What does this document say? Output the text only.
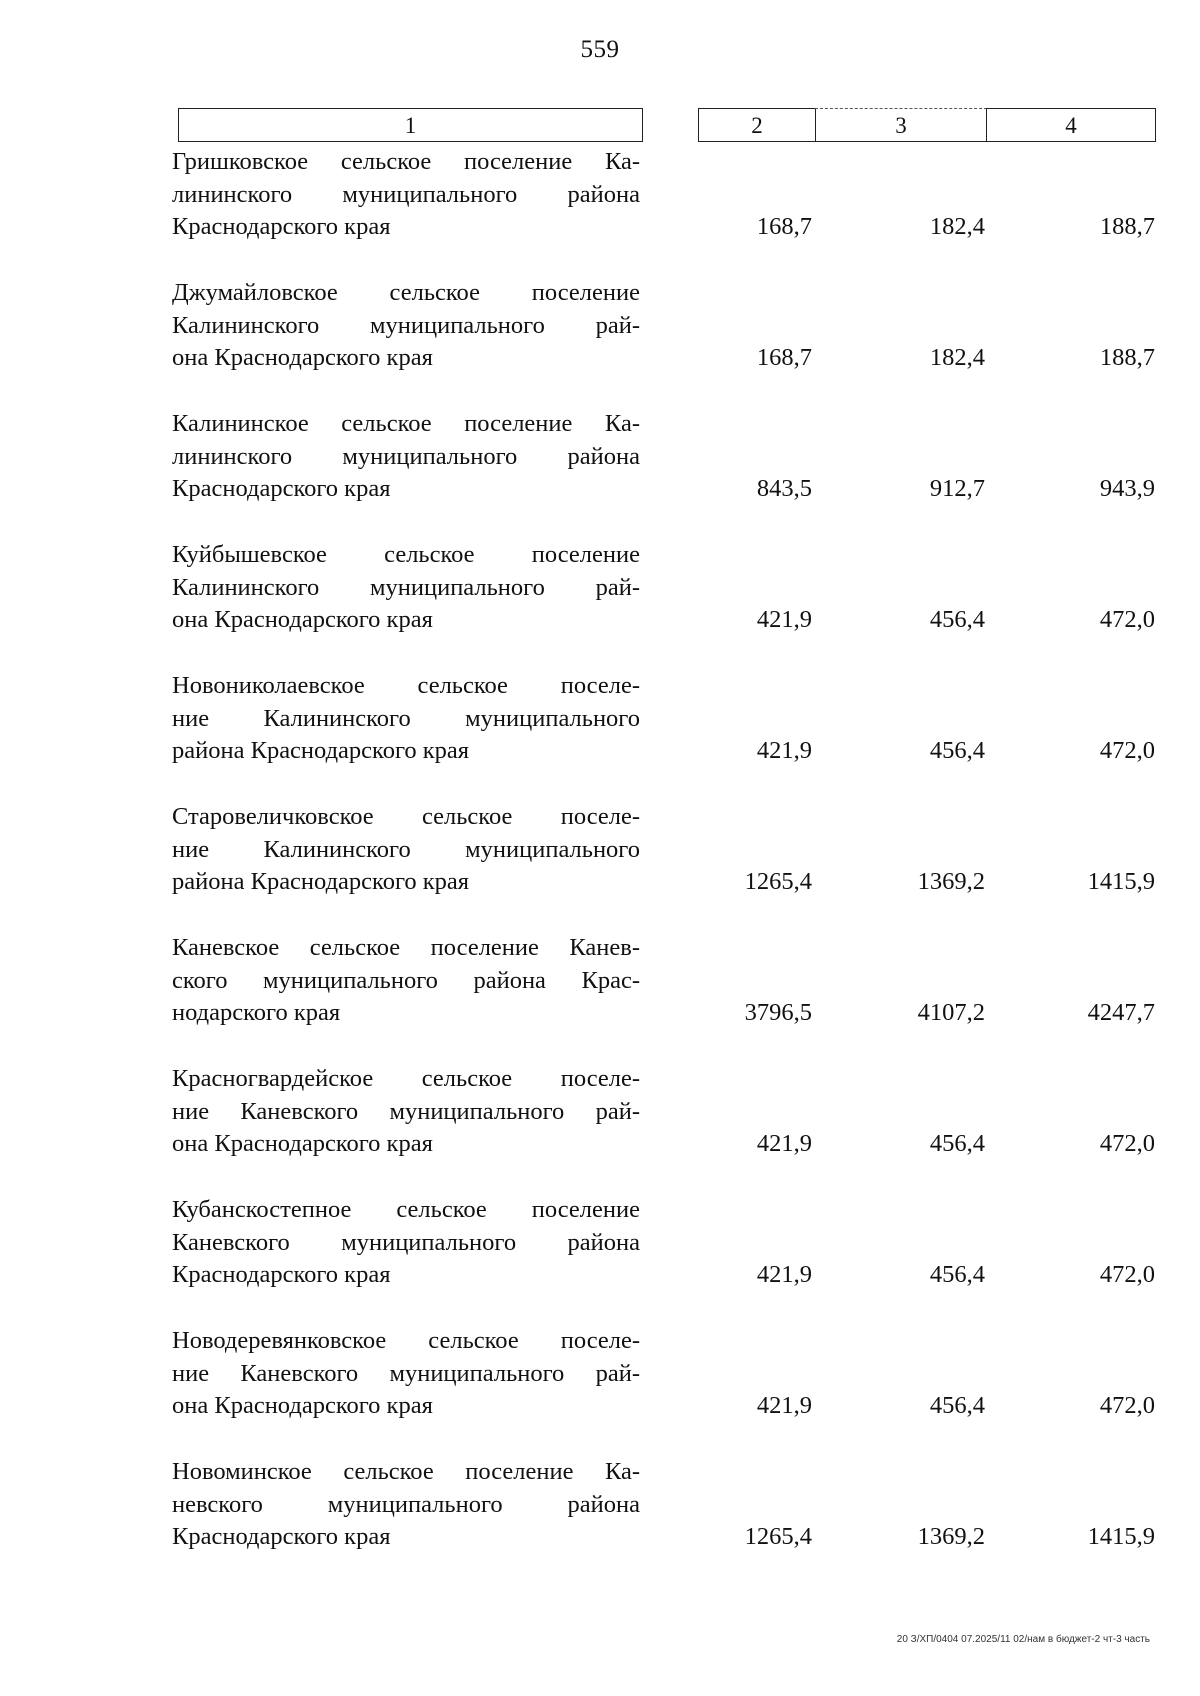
559
1	2	3	4
Гришковское сельское поселение Ка-
лининского муниципального района
Краснодарского края	168,7	182,4	188,7
Джумайловское сельское поселение
Калининского муниципального рай-
она Краснодарского края	168,7	182,4	188,7
Калининское сельское поселение Ка-
лининского муниципального района
Краснодарского края	843,5	912,7	943,9
Куйбышевское сельское поселение
Калининского муниципального рай-
она Краснодарского края	421,9	456,4	472,0
Новониколаевское сельское поселе-
ние Калининского муниципального
района Краснодарского края	421,9	456,4	472,0
Старовеличковское сельское поселе-
ние Калининского муниципального
района Краснодарского края	1265,4	1369,2	1415,9
Каневское сельское поселение Канев-
ского муниципального района Крас-
нодарского края	3796,5	4107,2	4247,7
Красногвардейское сельское поселе-
ние Каневского муниципального рай-
она Краснодарского края	421,9	456,4	472,0
Кубанскостепное сельское поселение
Каневского муниципального района
Краснодарского края	421,9	456,4	472,0
Новодеревянковское сельское поселе-
ние Каневского муниципального рай-
она Краснодарского края	421,9	456,4	472,0
Новоминское сельское поселение Ка-
невского муниципального района
Краснодарского края	1265,4	1369,2	1415,9
20 З/ХП/0404 07.2025/11 02/нам в бюджет-2 чт-3 часть
